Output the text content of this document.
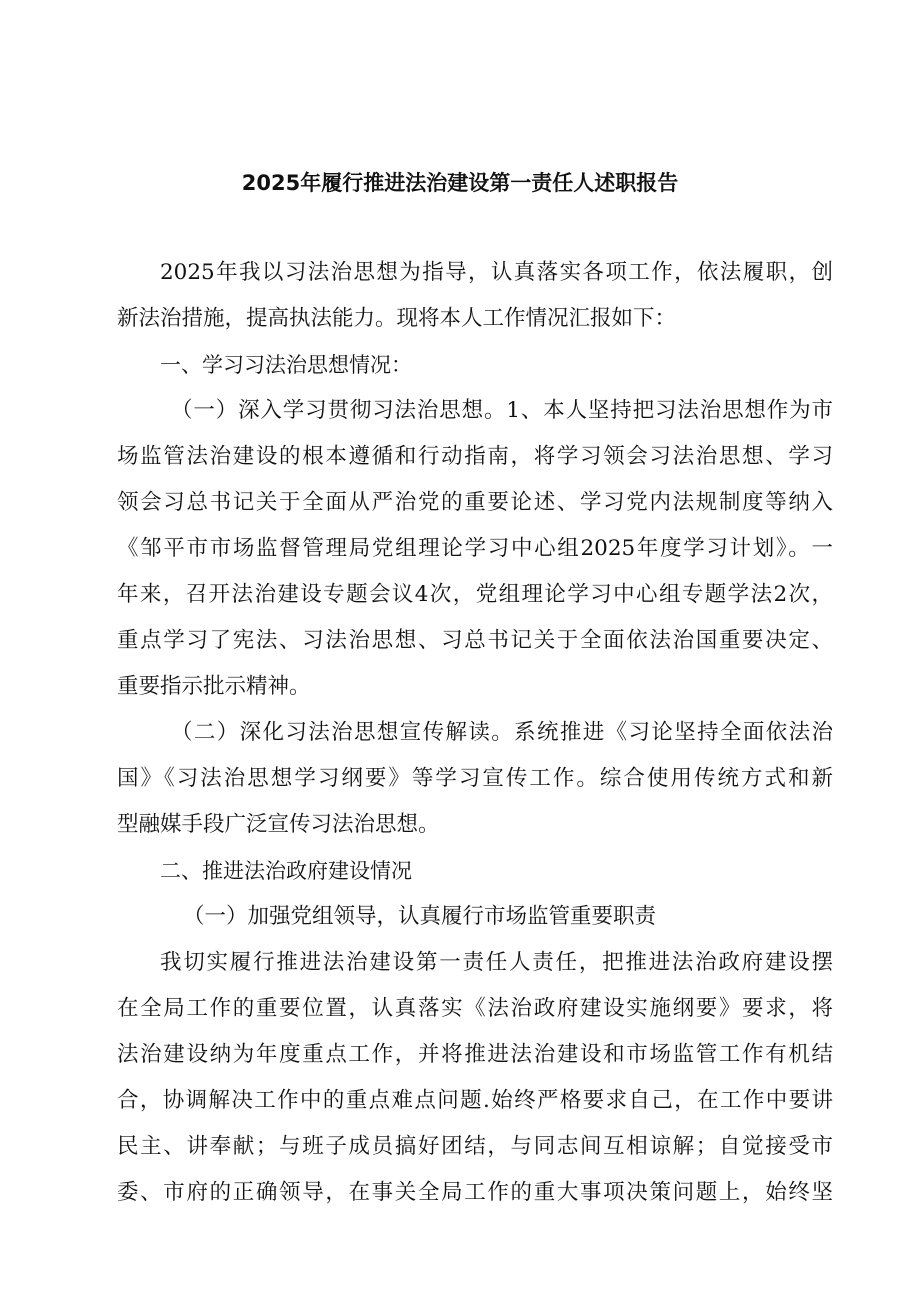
2025年履行推进法治建设第一责任人述职报告
2025年我以习法治思想为指导，认真落实各项工作，依法履职，创
新法治措施，提高执法能力。现将本人工作情况汇报如下：
一、学习习法治思想情况：
（一）深入学习贯彻习法治思想。1、本人坚持把习法治思想作为市
场监管法治建设的根本遵循和行动指南，将学习领会习法治思想、学习
领会习总书记关于全面从严治党的重要论述、学习党内法规制度等纳入
《邹平市市场监督管理局党组理论学习中心组2025年度学习计划》。一
年来，召开法治建设专题会议4次，党组理论学习中心组专题学法2次，
重点学习了宪法、习法治思想、习总书记关于全面依法治国重要决定、
重要指示批示精神。
（二）深化习法治思想宣传解读。系统推进《习论坚持全面依法治
国》《习法治思想学习纲要》等学习宣传工作。综合使用传统方式和新
型融媒手段广泛宣传习法治思想。
二、推进法治政府建设情况
（一）加强党组领导，认真履行市场监管重要职责
我切实履行推进法治建设第一责任人责任，把推进法治政府建设摆
在全局工作的重要位置，认真落实《法治政府建设实施纲要》要求，将
法治建设纳为年度重点工作，并将推进法治建设和市场监管工作有机结
合，协调解决工作中的重点难点问题.始终严格要求自己，在工作中要讲
民主、讲奉献；与班子成员搞好团结，与同志间互相谅解；自觉接受市
委、市府的正确领导，在事关全局工作的重大事项决策问题上，始终坚
